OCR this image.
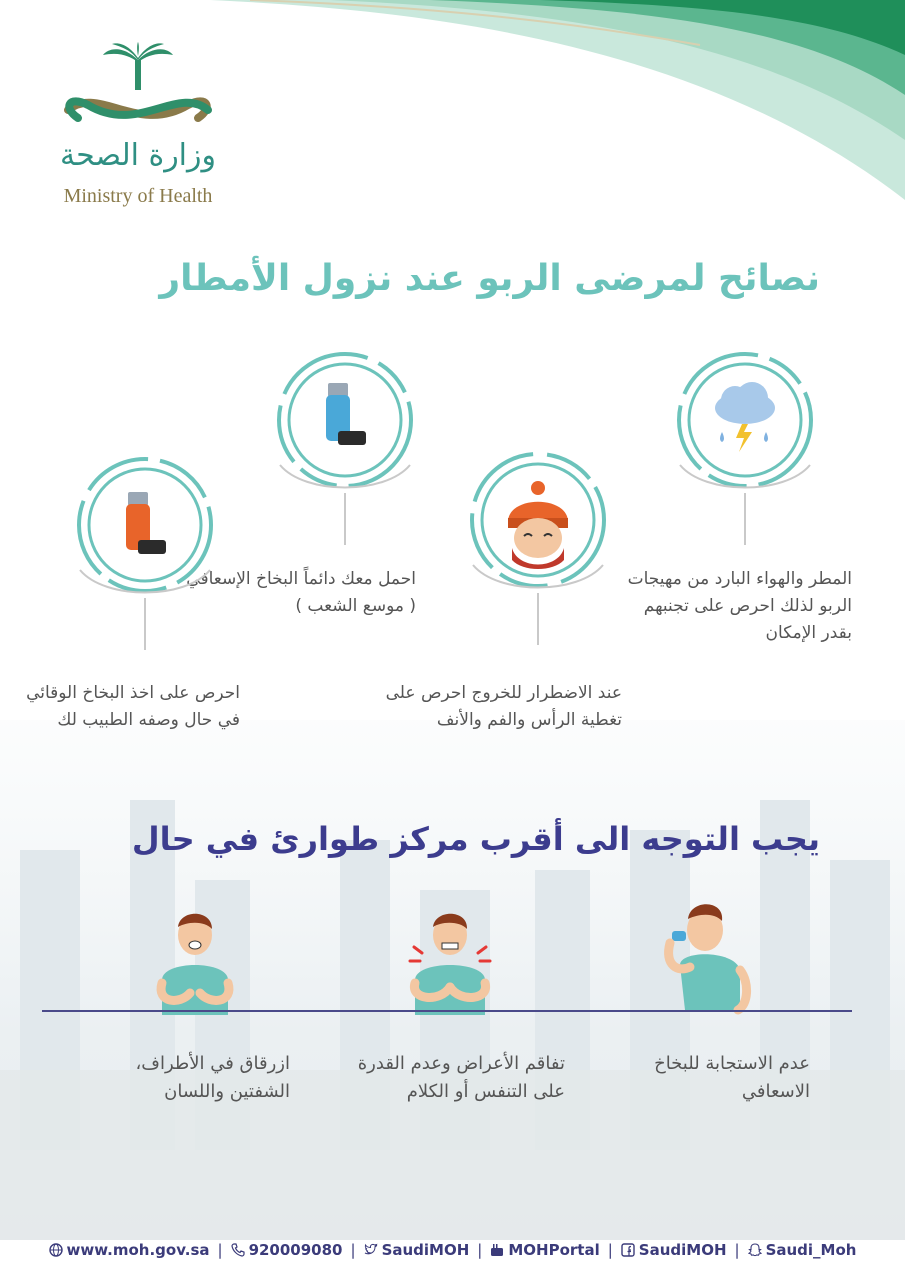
وزارة الصحة
Ministry of Health
نصائح لمرضى الربو عند نزول الأمطار
المطر والهواء البارد من مهيجات الربو لذلك احرص على تجنبهم بقدر الإمكان
عند الاضطرار للخروج احرص على تغطية الرأس والفم والأنف
احمل معك دائماً البخاخ الإسعافي ( موسع الشعب )
احرص على اخذ البخاخ الوقائي في حال وصفه الطبيب لك
يجب التوجه الى أقرب مركز طوارئ في حال
عدم الاستجابة للبخاخ الاسعافي
تفاقم الأعراض وعدم القدرة على التنفس أو الكلام
ازرقاق في الأطراف، الشفتين واللسان
www.moh.gov.sa | 920009080 | SaudiMOH | MOHPortal | SaudiMOH | Saudi_Moh
